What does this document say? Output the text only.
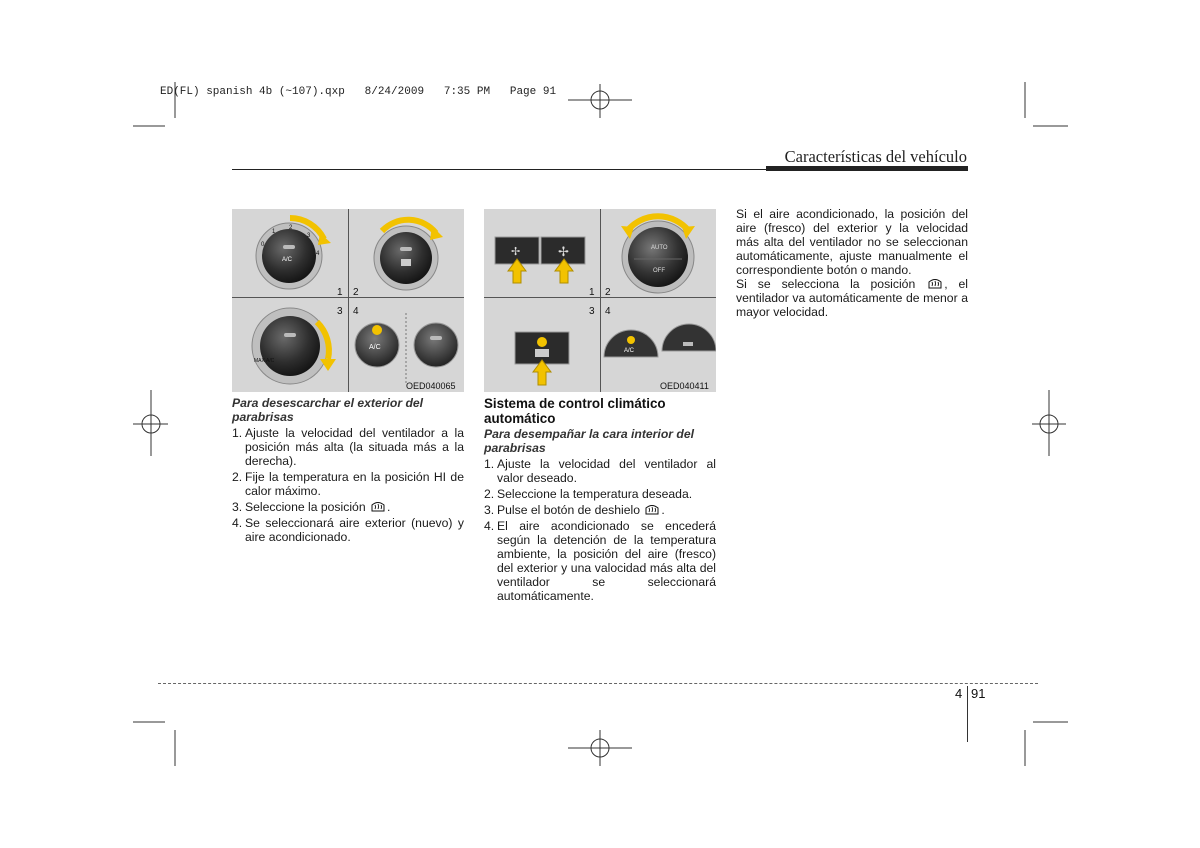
ED(FL) spanish 4b (~107).qxp   8/24/2009   7:35 PM   Page 91
Características del vehículo
1 2
3 4
OED040065
A/C
0
1
2
3
4
MAX A/C
A/C
1 2
3 4
OED040411
✢	✢	AUTO
OFF
A/C
Para desescarchar el exterior del parabrisas
1. Ajuste la velocidad del ventilador a la posición más alta (la situada más a la derecha).
2. Fije la temperatura en la posición HI de calor máximo.
3. Seleccione la posición .
4. Se seleccionará aire exterior (nuevo) y aire acondicionado.
Sistema de control climático automático
Para desempañar la cara interior del parabrisas
1. Ajuste la velocidad del ventilador al valor deseado.
2. Seleccione la temperatura deseada.
3. Pulse el botón de deshielo .
4. El aire acondicionado se encederá según la detención de la temperatura ambiente, la posición del aire (fresco) del exterior y una valocidad más alta del ventilador se seleccionará automáticamente.

Si el aire acondicionado, la posición del aire (fresco) del exterior y la velocidad más alta del ventilador no se seleccionan automáticamente, ajuste manualmente el correspondiente botón o mando.

Si se selecciona la posición , el ventilador va automáticamente de menor a mayor velocidad.

4 91
